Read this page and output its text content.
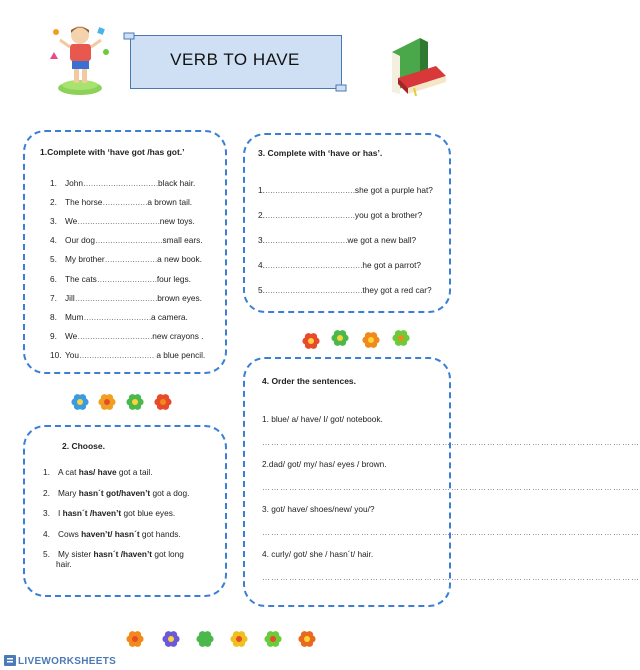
VERB TO HAVE
1.Complete with ‘have got /has got.’
1. John…………………………black hair.
2. The horse………………a brown tail.
3. We……………………………new toys.
4. Our dog………………………small ears.
5. My brother…………………a new book.
6. The cats……………………four legs.
7. Jill……………………………brown eyes.
8. Mum………………………a camera.
9. We…………………………new crayons .
10. You………………………… a blue pencil.
3. Complete with ‘have or has’.
1.………………………………she got a purple hat?
2.………………………………you got a brother?
3.……………………………we got a new ball?
4.…………………………………he got a parrot?
5.…………………………………they got a red car?
4. Order the sentences.
1. blue/ a/ have/ I/ got/ notebook.
………………………………………………………………………………………………………………
2.dad/ got/ my/ has/ eyes / brown.
………………………………………………………………………………………………………………
3. got/ have/ shoes/new/ you/?
………………………………………………………………………………………………………………
4. curly/ got/ she / hasn´t/ hair.
………………………………………………………………………………………………………………
2. Choose.
1. A cat has/ have got a tail.
2. Mary hasn´t got/haven’t got a dog.
3. I hasn´t /haven’t got blue eyes.
4. Cows haven’t/ hasn´t got hands.
5. My sister hasn´t /haven’t got long
hair.
LIVEWORKSHEETS
